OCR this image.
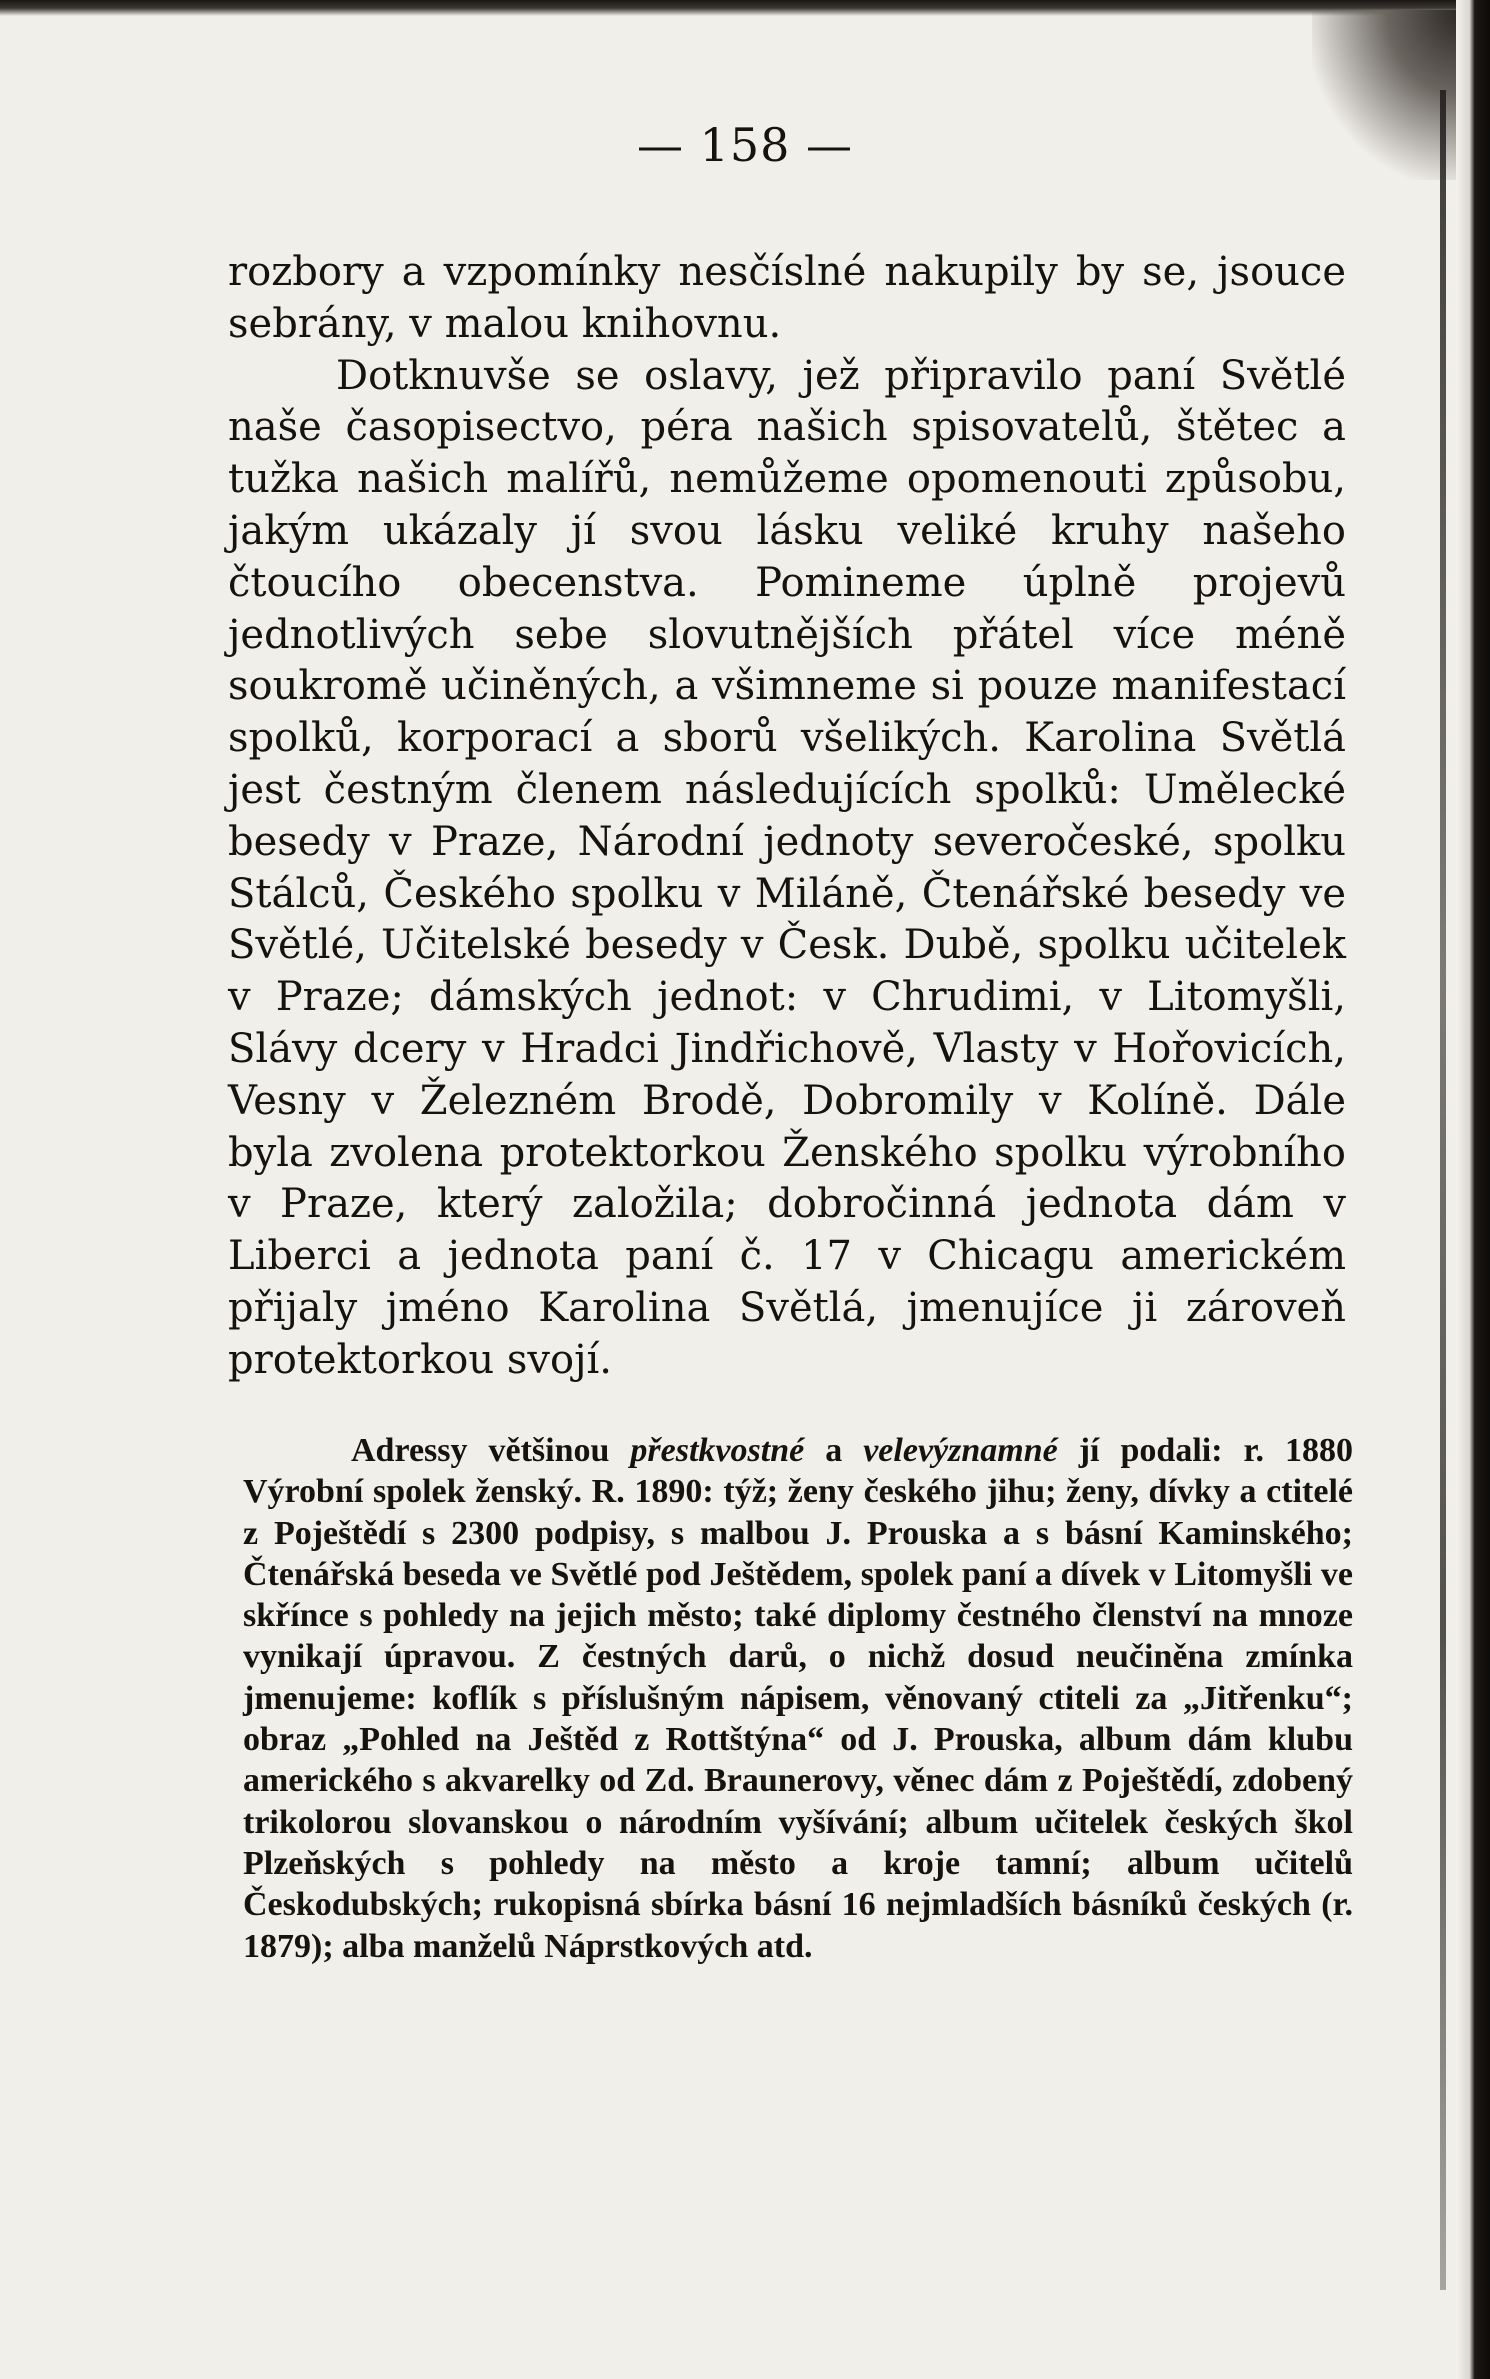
— 158 —

rozbory a vzpomínky nesčíslné nakupily by se, jsouce sebrány, v malou knihovnu.

Dotknuvše se oslavy, jež připravilo paní Světlé naše časopisectvo, péra našich spisovatelů, štětec a tužka našich malířů, nemůžeme opomenouti způsobu, jakým ukázaly jí svou lásku veliké kruhy našeho čtoucího obecenstva. Pomineme úplně projevů jednotlivých sebe slovutnějších přátel více méně soukromě učiněných, a všimneme si pouze manifestací spolků, korporací a sborů všelikých. Karolina Světlá jest čestným členem následujících spolků: Umělecké besedy v Praze, Národní jednoty severočeské, spolku Stálců, Českého spolku v Miláně, Čtenářské besedy ve Světlé, Učitelské besedy v Česk. Dubě, spolku učitelek v Praze; dámských jednot: v Chrudimi, v Litomyšli, Slávy dcery v Hradci Jindřichově, Vlasty v Hořovicích, Vesny v Železném Brodě, Dobromily v Kolíně. Dále byla zvolena protektorkou Ženského spolku výrobního v Praze, který založila; dobročinná jednota dám v Liberci a jednota paní č. 17 v Chicagu americkém přijaly jméno Karolina Světlá, jmenujíce ji zároveň protektorkou svojí.

Adressy většinou přestkvostné a velevýznamné jí podali: r. 1880 Výrobní spolek ženský. R. 1890: týž; ženy českého jihu; ženy, dívky a ctitelé z Poještědí s 2300 podpisy, s malbou J. Prouska a s básní Kaminského; Čtenářská beseda ve Světlé pod Ještědem, spolek paní a dívek v Litomyšli ve skřínce s pohledy na jejich město; také diplomy čestného členství na mnoze vynikají úpravou. Z čestných darů, o nichž dosud neučiněna zmínka jmenujeme: koflík s příslušným nápisem, věnovaný ctiteli za „Jitřenku“; obraz „Pohled na Ještěd z Rottštýna“ od J. Prouska, album dám klubu amerického s akvarelky od Zd. Braunerovy, věnec dám z Poještědí, zdobený trikolorou slovanskou o národním vyšívání; album učitelek českých škol Plzeňských s pohledy na město a kroje tamní; album učitelů Českodubských; rukopisná sbírka básní 16 nejmladších básníků českých (r. 1879); alba manželů Náprstkových atd.
